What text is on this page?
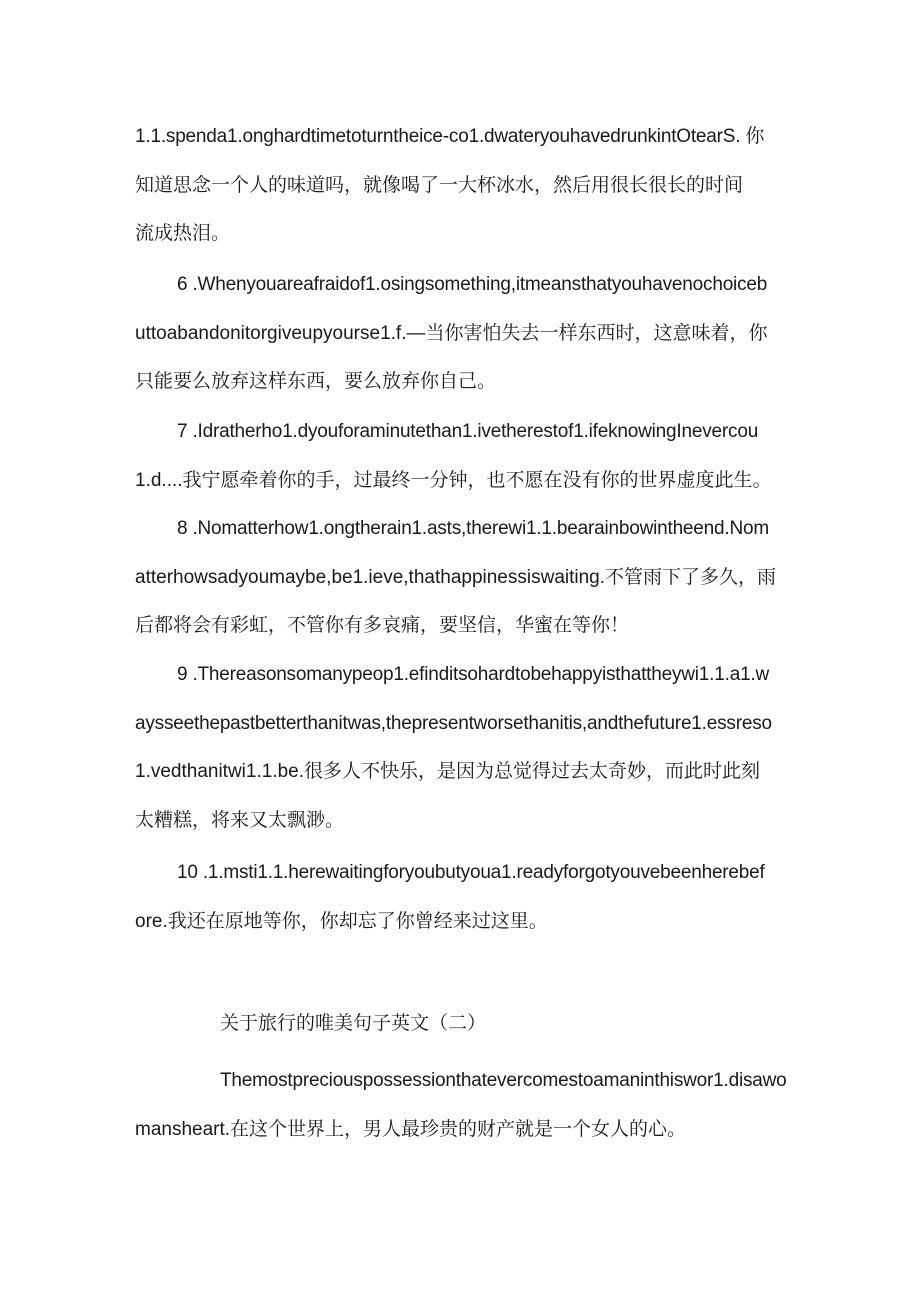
1.1.spenda1.onghardtimetoturntheice-co1.dwateryouhavedrunkintOtearS. 你
知道思念一个人的味道吗，就像喝了一大杯冰水，然后用很长很长的时间
流成热泪。
6 .Whenyouareafraidof1.osingsomething,itmeansthatyouhavenochoiceb
uttoabandonitorgiveupyourse1.f.—当你害怕失去一样东西时，这意味着，你
只能要么放弃这样东西，要么放弃你自己。
7 .Idratherho1.dyouforaminutethan1.ivetherestof1.ifeknowingInevercou
1.d....我宁愿牵着你的手，过最终一分钟，也不愿在没有你的世界虚度此生。
8 .Nomatterhow1.ongtherain1.asts,therewi1.1.bearainbowintheend.Nom
atterhowsadyoumaybe,be1.ieve,thathappinessiswaiting.不管雨下了多久，雨
后都将会有彩虹，不管你有多哀痛，要坚信，华蜜在等你！
9 .Thereasonsomanypeop1.efinditsohardtobehappyisthattheywi1.1.a1.w
aysseethepastbetterthanitwas,thepresentworsethanitis,andthefuture1.essreso
1.vedthanitwi1.1.be.很多人不快乐，是因为总觉得过去太奇妙，而此时此刻
太糟糕，将来又太飘渺。
10 .1.msti1.1.herewaitingforyoubutyoua1.readyforgotyouvebeenherebef
ore.我还在原地等你，你却忘了你曾经来过这里。
关于旅行的唯美句子英文（二）
Themostpreciouspossessionthatevercomestoamaninthiswor1.disawo
mansheart.在这个世界上，男人最珍贵的财产就是一个女人的心。
